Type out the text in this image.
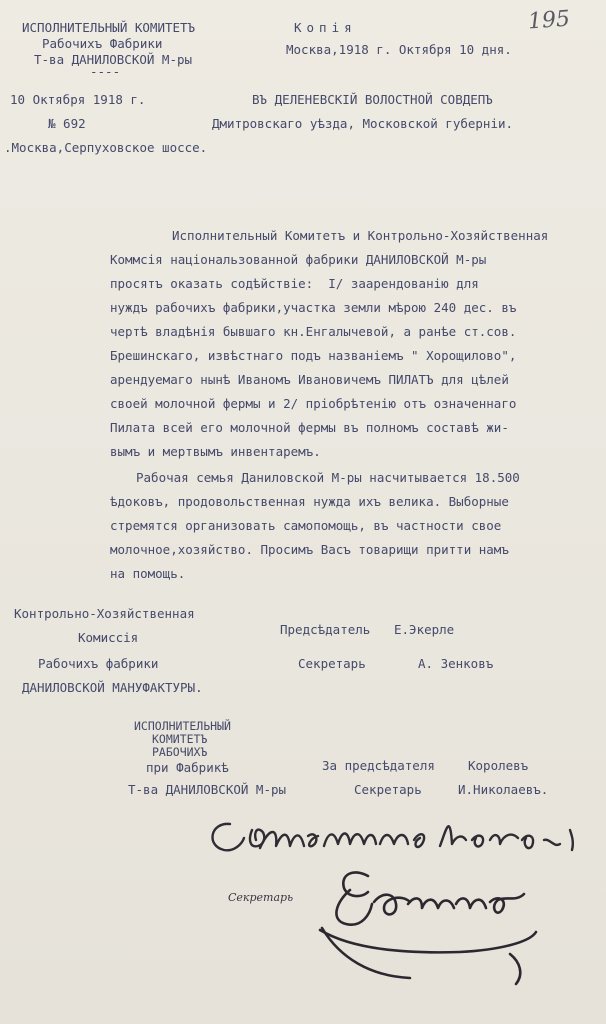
195
ИСПОЛНИТЕЛЬНЫЙ КОМИТЕТЪ
Рабочихъ Фабрики
Т-ва ДАНИЛОВСКОЙ М-ры
----
10 Октября 1918 г.
№ 692
.Москва,Серпуховское шоссе.
Копія
Москва,1918 г. Октября 10 дня.
ВЪ ДЕЛЕНЕВСКІЙ ВОЛОСТНОЙ СОВДЕПЪ
Дмитровскаго уѣзда, Московской губерніи.
Исполнительный Комитетъ и Контрольно-Хозяйственная
Коммсія національзованной фабрики ДАНИЛОВСКОЙ М-ры
просятъ оказать содѣйствіе:  I/ заарендованію для
нуждъ рабочихъ фабрики,участка земли мѣрою 240 дес. въ
чертѣ владѣнія бывшаго кн.Енгалычевой, а ранѣе ст.сов.
Брешинскаго, извѣстнаго подъ названіемъ " Хорощилово",
арендуемаго нынѣ Иваномъ Ивановичемъ ПИЛАТЪ для цѣлей
своей молочной фермы и 2/ пріобрѣтенію отъ означеннаго
Пилата всей его молочной фермы въ полномъ составѣ жи-
вымъ и мертвымъ инвентаремъ.
Рабочая семья Даниловской М-ры насчитывается 18.500
ѣдоковъ, продовольственная нужда ихъ велика. Выборные
стремятся организовать самопомощь, въ частности свое
молочное,хозяйство. Просимъ Васъ товарищи притти намъ
на помощь.
Контрольно-Хозяйственная
Комиссія
Предсѣдатель Е.Экерле
Рабочихъ фабрики	Секретарь	А. Зенковъ
ДАНИЛОВСКОЙ МАНУФАКТУРЫ.
ИСПОЛНИТЕЛЬНЫЙ
КОМИТЕТЪ
РАБОЧИХЪ
при Фабрикѣ
Т-ва ДАНИЛОВСКОЙ М-ры
За предсѣдателя	Королевъ
Секретарь	И.Николаевъ.
Секретарь
